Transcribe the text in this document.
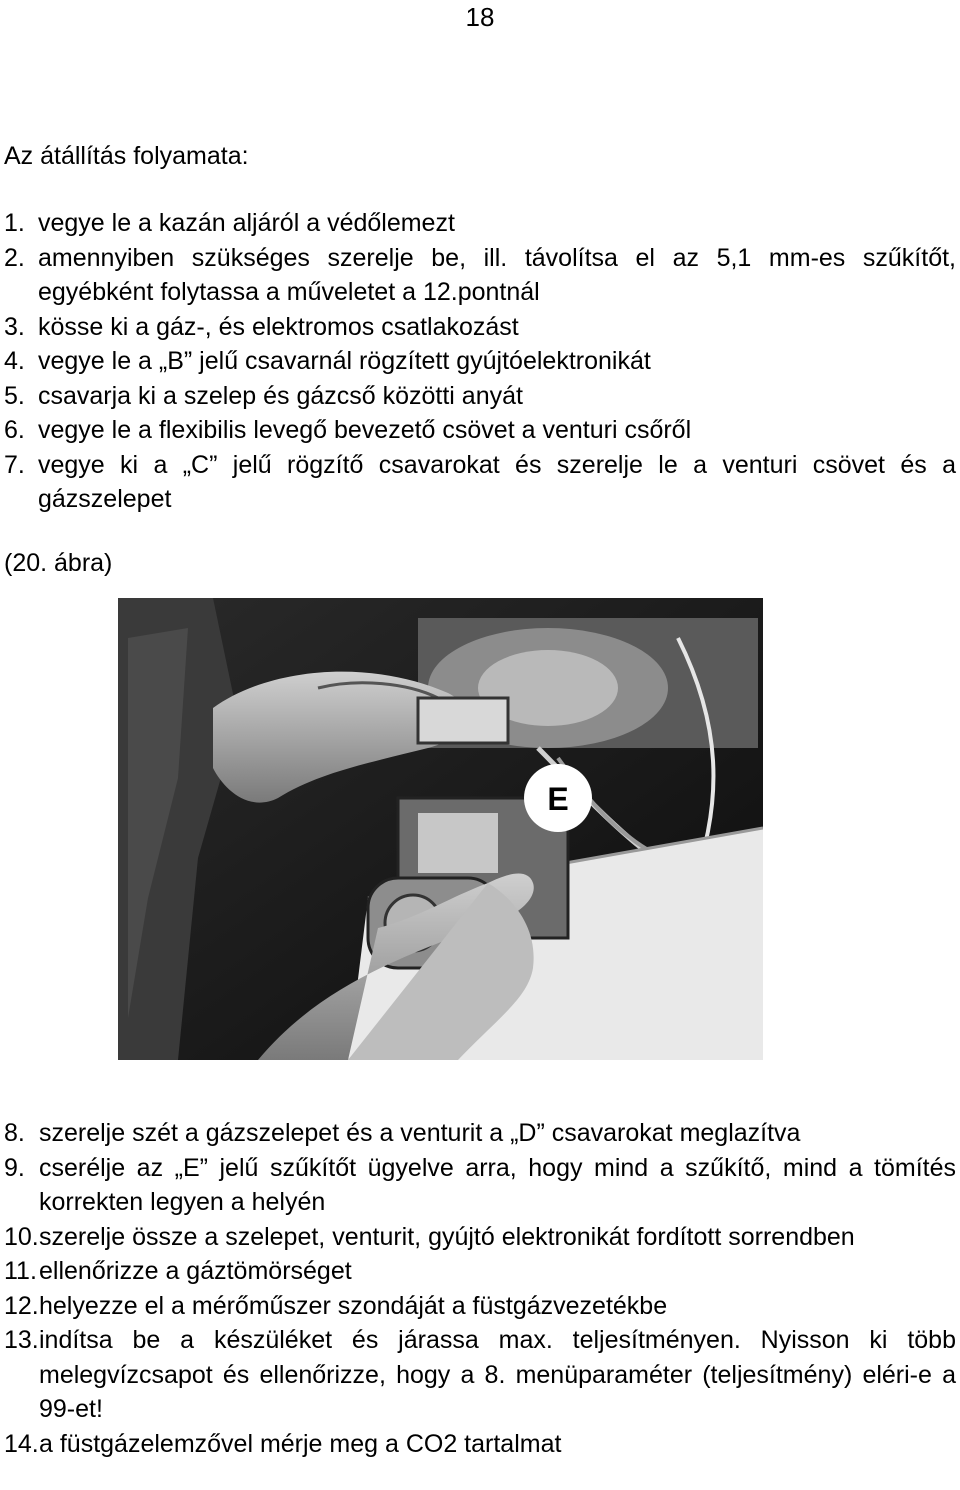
18
Az átállítás folyamata:
1. vegye le a kazán aljáról a védőlemezt
2. amennyiben szükséges szerelje be, ill. távolítsa el az 5,1 mm-es szűkítőt, egyébként folytassa a műveletet a 12.pontnál
3. kösse ki a gáz-, és elektromos csatlakozást
4. vegye le a „B” jelű csavarnál rögzített gyújtóelektronikát
5. csavarja ki a szelep és gázcső közötti anyát
6. vegye le a flexibilis levegő bevezető csövet a venturi csőről
7. vegye ki a „C” jelű rögzítő csavarokat és szerelje le a venturi csövet és a gázszelepet
(20. ábra)
E
8. szerelje szét a gázszelepet és a venturit a „D” csavarokat meglazítva
9. cserélje az „E” jelű szűkítőt ügyelve arra, hogy mind a szűkítő, mind a tömítés korrekten legyen a helyén
10. szerelje össze a szelepet, venturit, gyújtó elektronikát fordított sorrendben
11. ellenőrizze a gáztömörséget
12. helyezze el a mérőműszer szondáját a füstgázvezetékbe
13. indítsa be a készüléket és járassa max. teljesítményen. Nyisson ki több melegvízcsapot és ellenőrizze, hogy a 8. menüparaméter (teljesítmény) eléri-e a 99-et!
14. a füstgázelemzővel mérje meg a CO2 tartalmat
